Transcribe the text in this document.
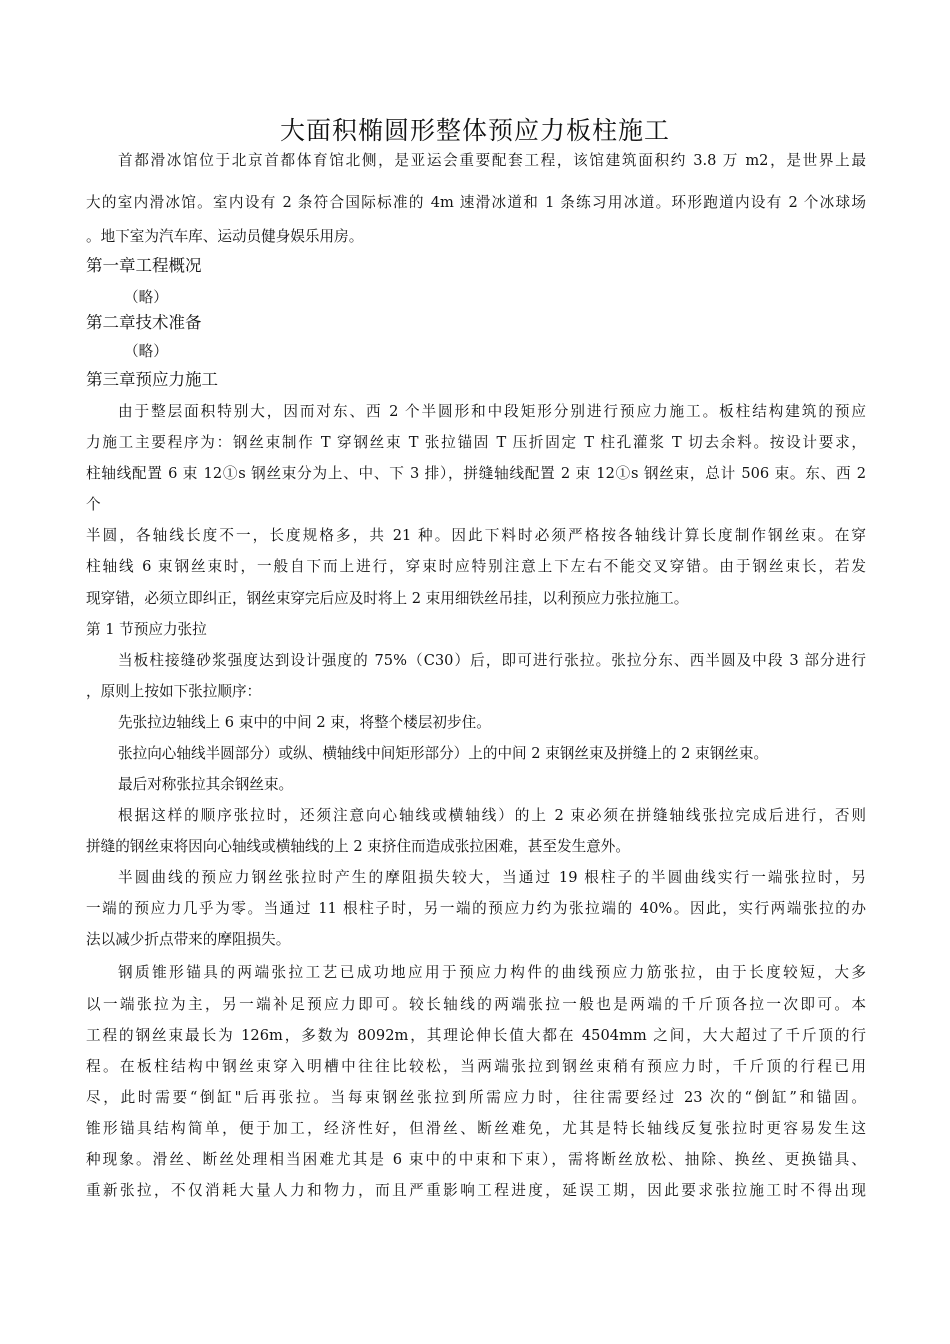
大面积椭圆形整体预应力板柱施工
首都滑冰馆位于北京首都体育馆北侧，是亚运会重要配套工程，该馆建筑面积约 3.8 万 m2，是世界上最
大的室内滑冰馆。室内设有 2 条符合国际标准的 4m 速滑冰道和 1 条练习用冰道。环形跑道内设有 2 个冰球场
。地下室为汽车库、运动员健身娱乐用房。
第一章工程概况
（略）
第二章技术准备
（略）
第三章预应力施工
由于整层面积特别大，因而对东、西 2 个半圆形和中段矩形分别进行预应力施工。板柱结构建筑的预应
力施工主要程序为：钢丝束制作 T 穿钢丝束 T 张拉锚固 T 压折固定 T 柱孔灌浆 T 切去余料。按设计要求，
柱轴线配置 6 束 12①s 钢丝束分为上、中、下 3 排），拼缝轴线配置 2 束 12①s 钢丝束，总计 506 束。东、西 2
个
半圆，各轴线长度不一，长度规格多，共 21 种。因此下料时必须严格按各轴线计算长度制作钢丝束。在穿
柱轴线 6 束钢丝束时，一般自下而上进行，穿束时应特别注意上下左右不能交叉穿错。由于钢丝束长，若发
现穿错，必须立即纠正，钢丝束穿完后应及时将上 2 束用细铁丝吊挂，以利预应力张拉施工。
第 1 节预应力张拉
当板柱接缝砂浆强度达到设计强度的 75%（C30）后，即可进行张拉。张拉分东、西半圆及中段 3 部分进行
，原则上按如下张拉顺序：
先张拉边轴线上 6 束中的中间 2 束，将整个楼层初步住。
张拉向心轴线半圆部分）或纵、横轴线中间矩形部分）上的中间 2 束钢丝束及拼缝上的 2 束钢丝束。
最后对称张拉其余钢丝束。
根据这样的顺序张拉时，还须注意向心轴线或横轴线）的上 2 束必须在拼缝轴线张拉完成后进行，否则
拼缝的钢丝束将因向心轴线或横轴线的上 2 束挤住而造成张拉困难，甚至发生意外。
半圆曲线的预应力钢丝张拉时产生的摩阻损失较大，当通过 19 根柱子的半圆曲线实行一端张拉时，另
一端的预应力几乎为零。当通过 11 根柱子时，另一端的预应力约为张拉端的 40%。因此，实行两端张拉的办
法以减少折点带来的摩阻损失。
钢质锥形锚具的两端张拉工艺已成功地应用于预应力构件的曲线预应力筋张拉，由于长度较短，大多
以一端张拉为主，另一端补足预应力即可。较长轴线的两端张拉一般也是两端的千斤顶各拉一次即可。本
工程的钢丝束最长为 126m，多数为 8092m，其理论伸长值大都在 4504mm 之间，大大超过了千斤顶的行
程。在板柱结构中钢丝束穿入明槽中往往比较松，当两端张拉到钢丝束稍有预应力时，千斤顶的行程已用
尽，此时需要“倒缸"后再张拉。当每束钢丝张拉到所需应力时，往往需要经过 23 次的“倒缸”和锚固。
锥形锚具结构简单，便于加工，经济性好，但滑丝、断丝难免，尤其是特长轴线反复张拉时更容易发生这
种现象。滑丝、断丝处理相当困难尤其是 6 束中的中束和下束），需将断丝放松、抽除、换丝、更换锚具、
重新张拉，不仅消耗大量人力和物力，而且严重影响工程进度，延误工期，因此要求张拉施工时不得出现
